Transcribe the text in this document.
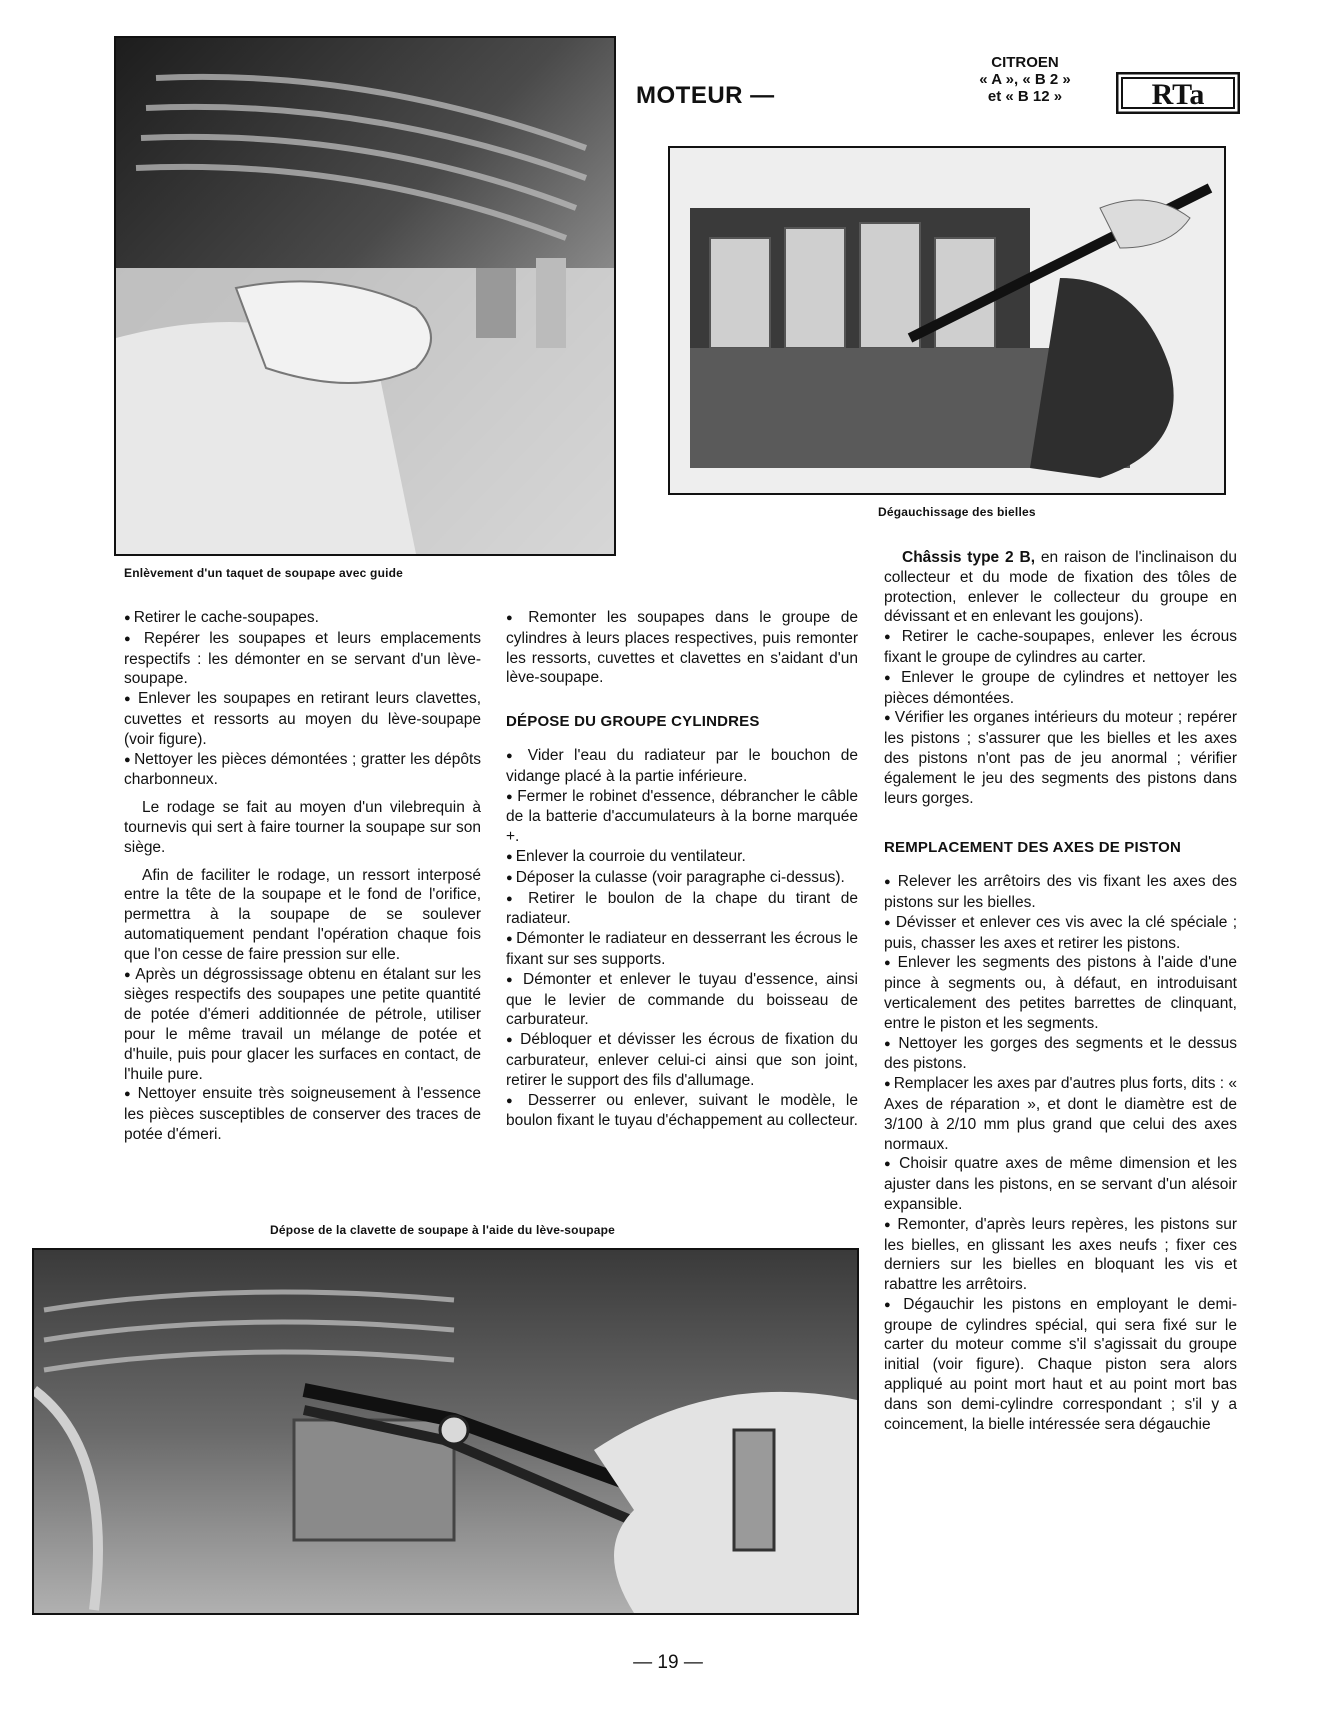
MOTEUR —
CITROEN
« A », « B 2 »
et « B 12 »	RTa
Enlèvement d'un taquet de soupape avec guide
Dégauchissage des bielles

● Retirer le cache-soupapes.

● Repérer les soupapes et leurs emplacements respectifs : les démonter en se servant d'un lève-soupape.

● Enlever les soupapes en retirant leurs clavettes, cuvettes et ressorts au moyen du lève-soupape (voir figure).

● Nettoyer les pièces démontées ; gratter les dépôts charbonneux.

Le rodage se fait au moyen d'un vilebrequin à tournevis qui sert à faire tourner la soupape sur son siège.

Afin de faciliter le rodage, un ressort interposé entre la tête de la soupape et le fond de l'orifice, permettra à la soupape de se soulever automatiquement pendant l'opération chaque fois que l'on cesse de faire pression sur elle.

● Après un dégrossissage obtenu en étalant sur les sièges respectifs des soupapes une petite quantité de potée d'émeri additionnée de pétrole, utiliser pour le même travail un mélange de potée et d'huile, puis pour glacer les surfaces en contact, de l'huile pure.

● Nettoyer ensuite très soigneusement à l'essence les pièces susceptibles de conserver des traces de potée d'émeri.

● Remonter les soupapes dans le groupe de cylindres à leurs places respectives, puis remonter les ressorts, cuvettes et clavettes en s'aidant d'un lève-soupape.

DÉPOSE DU GROUPE CYLINDRES

● Vider l'eau du radiateur par le bouchon de vidange placé à la partie inférieure.

● Fermer le robinet d'essence, débrancher le câble de la batterie d'accumulateurs à la borne marquée +.

● Enlever la courroie du ventilateur.

● Déposer la culasse (voir paragraphe ci-dessus).

● Retirer le boulon de la chape du tirant de radiateur.

● Démonter le radiateur en desserrant les écrous le fixant sur ses supports.

● Démonter et enlever le tuyau d'essence, ainsi que le levier de commande du boisseau de carburateur.

● Débloquer et dévisser les écrous de fixation du carburateur, enlever celui-ci ainsi que son joint, retirer le support des fils d'allumage.

● Desserrer ou enlever, suivant le modèle, le boulon fixant le tuyau d'échappement au collecteur.

Châssis type 2 B, en raison de l'inclinaison du collecteur et du mode de fixation des tôles de protection, enlever le collecteur du groupe en dévissant et en enlevant les goujons).

● Retirer le cache-soupapes, enlever les écrous fixant le groupe de cylindres au carter.

● Enlever le groupe de cylindres et nettoyer les pièces démontées.

● Vérifier les organes intérieurs du moteur ; repérer les pistons ; s'assurer que les bielles et les axes des pistons n'ont pas de jeu anormal ; vérifier également le jeu des segments des pistons dans leurs gorges.

REMPLACEMENT DES AXES DE PISTON

● Relever les arrêtoirs des vis fixant les axes des pistons sur les bielles.

● Dévisser et enlever ces vis avec la clé spéciale ; puis, chasser les axes et retirer les pistons.

● Enlever les segments des pistons à l'aide d'une pince à segments ou, à défaut, en introduisant verticalement des petites barrettes de clinquant, entre le piston et les segments.

● Nettoyer les gorges des segments et le dessus des pistons.

● Remplacer les axes par d'autres plus forts, dits : « Axes de réparation », et dont le diamètre est de 3/100 à 2/10 mm plus grand que celui des axes normaux.

● Choisir quatre axes de même dimension et les ajuster dans les pistons, en se servant d'un alésoir expansible.

● Remonter, d'après leurs repères, les pistons sur les bielles, en glissant les axes neufs ; fixer ces derniers sur les bielles en bloquant les vis et rabattre les arrêtoirs.

● Dégauchir les pistons en employant le demi-groupe de cylindres spécial, qui sera fixé sur le carter du moteur comme s'il s'agissait du groupe initial (voir figure). Chaque piston sera alors appliqué au point mort haut et au point mort bas dans son demi-cylindre correspondant ; s'il y a coincement, la bielle intéressée sera dégauchie

Dépose de la clavette de soupape à l'aide du lève-soupape
— 19 —
